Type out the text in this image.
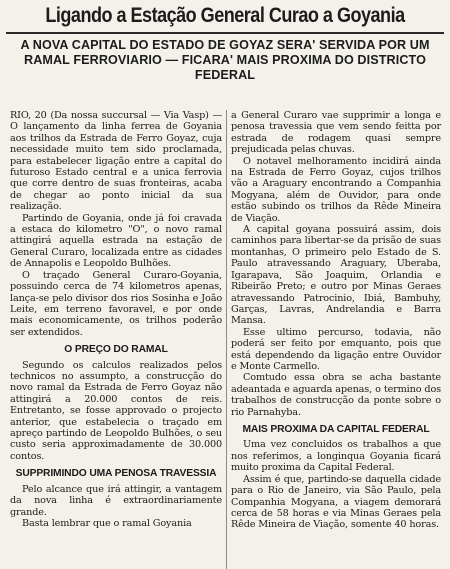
Ligando a Estação General Curao a Goyania
A NOVA CAPITAL DO ESTADO DE GOYAZ SERA' SERVIDA POR UM RAMAL FERROVIARIO — FICARA' MAIS PROXIMA DO DISTRICTO FEDERAL

RIO, 20 (Da nossa succursal — Via Vasp) — O lançamento da linha ferrea de Goyania aos trilhos da Estrada de Ferro Goyaz, cuja necessidade muito tem sido proclamada, para estabelecer ligação entre a capital do futuroso Estado central e a unica ferrovia que corre dentro de suas fronteiras, acaba de chegar ao ponto inicial da sua realização.

Partindo de Goyania, onde já foi cravada a estaca do kilometro "O", o novo ramal attingirá aquella estrada na estação de General Curaro, localizada entre as cidades de Annapolis e Leopoldo Bulhões.

O traçado General Curaro-Goyania, possuindo cerca de 74 kilometros apenas, lança-se pelo divisor dos rios Sosinha e João Leite, em terreno favoravel, e por onde mais economicamente, os trilhos poderão ser extendidos.

O PREÇO DO RAMAL

Segundo os calculos realizados pelos technicos no assumpto, a construcção do novo ramal da Estrada de Ferro Goyaz não attingirá a 20.000 contos de reis. Entretanto, se fosse approvado o projecto anterior, que estabelecia o traçado em apreço partindo de Leopoldo Bulhões, o seu custo seria approximadamente de 30.000 contos.

SUPPRIMINDO UMA PENOSA TRAVESSIA

Pelo alcance que irá attingir, a vantagem da nova linha é extraordinariamente grande.

Basta lembrar que o ramal Goyania

a General Curaro vae supprimir a longa e penosa travessia que vem sendo feitta por estrada de rodagem quasi sempre prejudicada pelas chuvas.

O notavel melhoramento incidirá ainda na Estrada de Ferro Goyaz, cujos trilhos vão a Araguary encontrando a Companhia Mogyana, além de Ouvidor, para onde estão subindo os trilhos da Rêde Mineira de Viação.

A capital goyana possuirá assim, dois caminhos para libertar-se da prisão de suas montanhas, O primeiro pelo Estado de S. Paulo atravessando Araguary, Uberaba, Igarapava, São Joaquim, Orlandia e Ribeirão Preto; e outro por Minas Geraes atravessando Patrocinio, Ibiá, Bambuhy, Garças, Lavras, Andrelandia e Barra Mansa.

Esse ultimo percurso, todavia, não poderá ser feito por emquanto, pois que está dependendo da ligação entre Ouvidor e Monte Carmello.

Comtudo essa obra se acha bastante adeantada e aguarda apenas, o termino dos trabalhos de construcção da ponte sobre o rio Parnahyba.

MAIS PROXIMA DA CAPITAL FEDERAL

Uma vez concluidos os trabalhos a que nos referimos, a longinqua Goyania ficará muito proxima da Capital Federal.

Assim é que, partindo-se daquella cidade para o Rio de Janeiro, via São Paulo, pela Companhia Mogyana, a viagem demorará cerca de 58 horas e via Minas Geraes pela Rêde Mineira de Viação, somente 40 horas.
